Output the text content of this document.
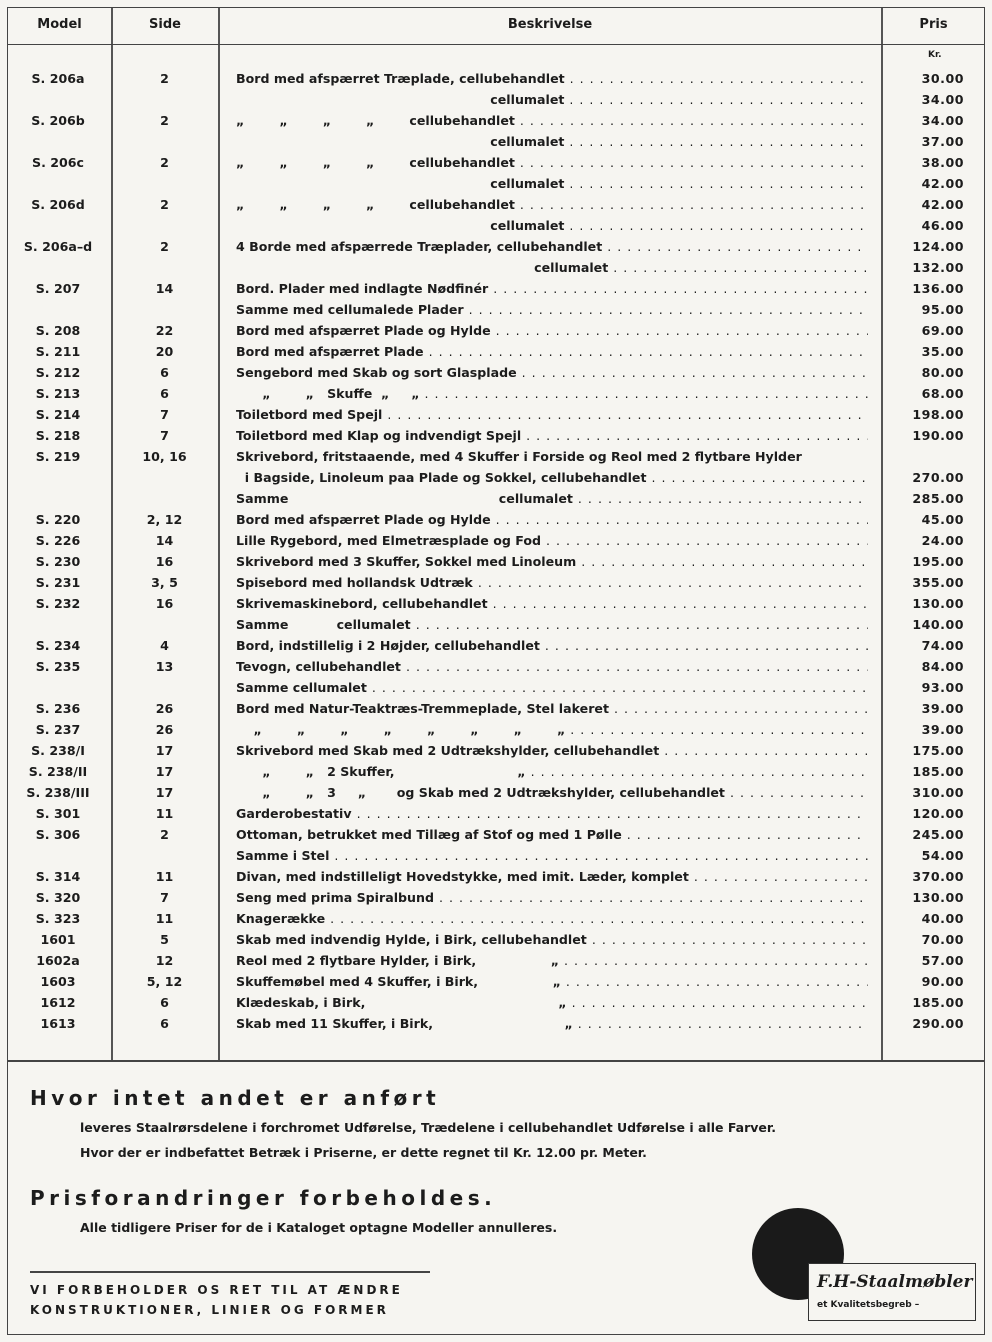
Model	Side	Beskrivelse	Pris
Kr.
S. 206a	2	Bord med afspærret Træplade, cellubehandlet . . .	30.00
cellumalet . . .	34.00
S. 206b	2	„        „        „        „        cellubehandlet . . .	34.00
cellumalet . . .	37.00
S. 206c	2	„        „        „        „        cellubehandlet . . .	38.00
cellumalet . . .	42.00
S. 206d	2	„        „        „        „        cellubehandlet . . .	42.00
cellumalet . . .	46.00
S. 206a–d	2	4 Borde med afspærrede Træplader, cellubehandlet . . .	124.00
cellumalet . . .	132.00
S. 207	14	Bord. Plader med indlagte Nødfinér . . .	136.00
Samme med cellumalede Plader . . .	95.00
S. 208	22	Bord med afspærret Plade og Hylde . . .	69.00
S. 211	20	Bord med afspærret Plade . . .	35.00
S. 212	6	Sengebord med Skab og sort Glasplade . . .	80.00
S. 213	6	„        „   Skuffe  „     „ . . .	68.00
S. 214	7	Toiletbord med Spejl . . .	198.00
S. 218	7	Toiletbord med Klap og indvendigt Spejl . . .	190.00
S. 219	10, 16	Skrivebord, fritstaaende, med 4 Skuffer i Forside og Reol med 2 flytbare Hylder
i Bagside, Linoleum paa Plade og Sokkel, cellubehandlet . . .	270.00
Samme                                                cellumalet . . .	285.00
S. 220	2, 12	Bord med afspærret Plade og Hylde . . .	45.00
S. 226	14	Lille Rygebord, med Elmetræsplade og Fod . . .	24.00
S. 230	16	Skrivebord med 3 Skuffer, Sokkel med Linoleum . . .	195.00
S. 231	3, 5	Spisebord med hollandsk Udtræk . . .	355.00
S. 232	16	Skrivemaskinebord, cellubehandlet . . .	130.00
Samme           cellumalet . . .	140.00
S. 234	4	Bord, indstillelig i 2 Højder, cellubehandlet . . .	74.00
S. 235	13	Tevogn, cellubehandlet . . .	84.00
Samme cellumalet . . .	93.00
S. 236	26	Bord med Natur-Teaktræs-Tremmeplade, Stel lakeret . . .	39.00
S. 237	26	„        „        „        „        „        „        „        „ . . .	39.00
S. 238/I	17	Skrivebord med Skab med 2 Udtrækshylder, cellubehandlet . . .	175.00
S. 238/II	17	„        „   2 Skuffer,                            „ . . .	185.00
S. 238/III	17	„        „   3     „       og Skab med 2 Udtrækshylder, cellubehandlet . . .	310.00
S. 301	11	Garderobestativ . . .	120.00
S. 306	2	Ottoman, betrukket med Tillæg af Stof og med 1 Pølle . . .	245.00
Samme i Stel . . .	54.00
S. 314	11	Divan, med indstilleligt Hovedstykke, med imit. Læder, komplet . . .	370.00
S. 320	7	Seng med prima Spiralbund . . .	130.00
S. 323	11	Knagerække . . .	40.00
1601	5	Skab med indvendig Hylde, i Birk, cellubehandlet . . .	70.00
1602a	12	Reol med 2 flytbare Hylder, i Birk,                 „ . . .	57.00
1603	5, 12	Skuffemøbel med 4 Skuffer, i Birk,                 „ . . .	90.00
1612	6	Klædeskab, i Birk,                                            „ . . .	185.00
1613	6	Skab med 11 Skuffer, i Birk,                              „ . . .	290.00
Hvor intet andet er anført
leveres Staalrørsdelene i forchromet Udførelse, Trædelene i cellubehandlet Udførelse i alle Farver.
Hvor der er indbefattet Betræk i Priserne, er dette regnet til Kr. 12.00 pr. Meter.
Prisforandringer forbeholdes.
Alle tidligere Priser for de i Kataloget optagne Modeller annulleres.
VI FORBEHOLDER OS RET TIL AT ÆNDRE
KONSTRUKTIONER, LINIER OG FORMER
F.H-Staalmøbler
et Kvalitetsbegreb –
